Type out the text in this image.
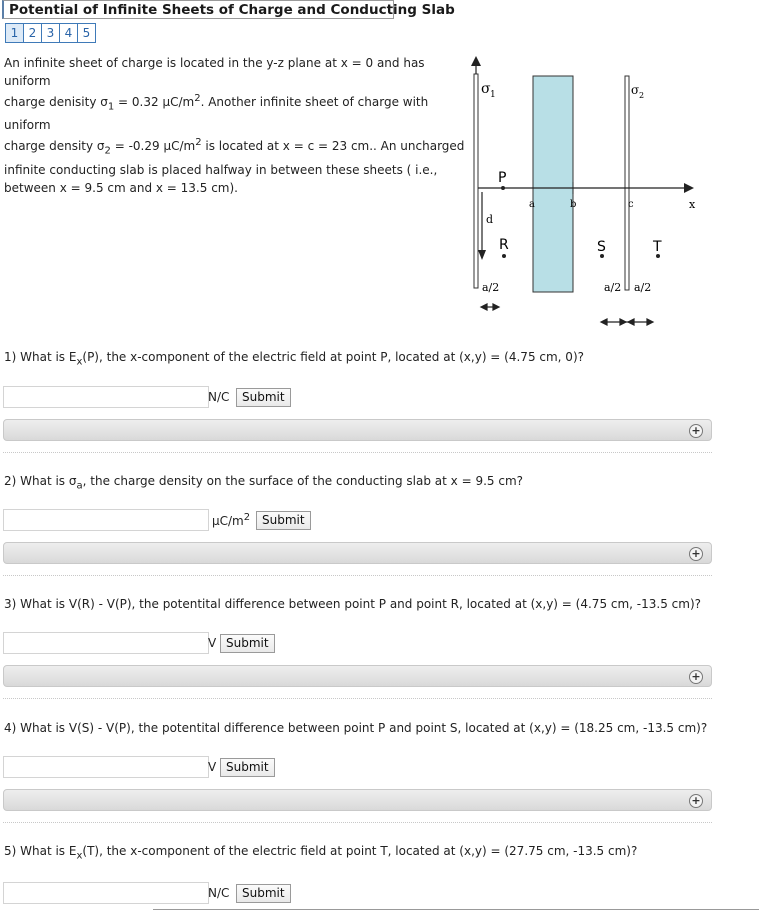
Potential of Infinite Sheets of Charge and Conducting Slab
1 2 3 4 5
An infinite sheet of charge is located in the y-z plane at x = 0 and has uniform
charge denisity $\sigma_1 = 0.32$ $\mu C/m^2$. Another infinite sheet of charge with uniform
charge density $\sigma_2 = -0.29$ $\mu C/m^2$ is located at x = c = 23 cm.. An uncharged
infinite conducting slab is placed halfway in between these sheets ( i.e.,
between x = 9.5 cm and x = 13.5 cm).
σ 1	σ 2
P
R	S	T
a	b	c	x
d
a/2	a/2 a/2
1) What is $E_x(P)$, the x-component of the electric field at point P, located at (x,y) = (4.75 cm, 0)?
N/C	Submit
+
2) What is $\sigma_a$, the charge density on the surface of the conducting slab at x = 9.5 cm?
$\mu C/m^2$ Submit
+
3) What is V(R) - V(P), the potentital difference between point P and point R, located at (x,y) = (4.75 cm, -13.5 cm)?
V Submit
+
4) What is V(S) - V(P), the potentital difference between point P and point S, located at (x,y) = (18.25 cm, -13.5 cm)?
V Submit
+
5) What is $E_x(T)$, the x-component of the electric field at point T, located at (x,y) = (27.75 cm, -13.5 cm)?
N/C	Submit
